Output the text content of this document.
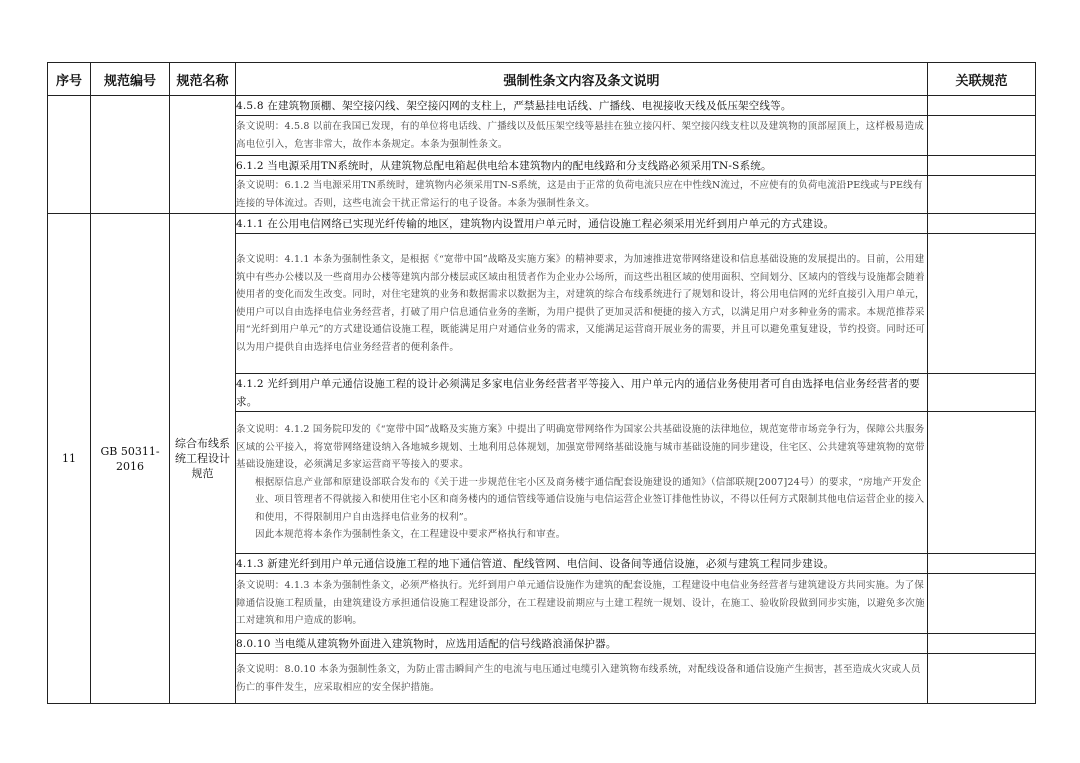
序号	规范编号	规范名称	强制性条文内容及条文说明	关联规范
			4.5.8 在建筑物顶棚、架空接闪线、架空接闪网的支柱上，严禁悬挂电话线、广播线、电视接收天线及低压架空线等。	
			条文说明：4.5.8 以前在我国已发现，有的单位将电话线、广播线以及低压架空线等悬挂在独立接闪杆、架空接闪线支柱以及建筑物的顶部屋顶上，这样极易造成高电位引入，危害非常大，故作本条规定。本条为强制性条文。	
			6.1.2 当电源采用TN系统时，从建筑物总配电箱起供电给本建筑物内的配电线路和分支线路必须采用TN-S系统。	
			条文说明：6.1.2 当电源采用TN系统时，建筑物内必须采用TN-S系统，这是由于正常的负荷电流只应在中性线N流过，不应使有的负荷电流沿PE线或与PE线有连接的导体流过。否则，这些电流会干扰正常运行的电子设备。本条为强制性条文。	
11	GB 50311-2016	综合布线系统工程设计规范	4.1.1 在公用电信网络已实现光纤传输的地区，建筑物内设置用户单元时，通信设施工程必须采用光纤到用户单元的方式建设。	
			条文说明：4.1.1 本条为强制性条文，是根据《“宽带中国”战略及实施方案》的精神要求，为加速推进宽带网络建设和信息基础设施的发展提出的。目前，公用建筑中有些办公楼以及一些商用办公楼等建筑内部分楼层或区域由租赁者作为企业办公场所，而这些出租区域的使用面积、空间划分、区域内的管线与设施都会随着使用者的变化而发生改变。同时，对住宅建筑的业务和数据需求以数据为主，对建筑的综合布线系统进行了规划和设计，将公用电信网的光纤直接引入用户单元，使用户可以自由选择电信业务经营者，打破了用户信息通信业务的垄断，为用户提供了更加灵活和便捷的接入方式，以满足用户对多种业务的需求。本规范推荐采用“光纤到用户单元”的方式建设通信设施工程，既能满足用户对通信业务的需求，又能满足运营商开展业务的需要，并且可以避免重复建设，节约投资。同时还可以为用户提供自由选择电信业务经营者的便利条件。	
			4.1.2 光纤到用户单元通信设施工程的设计必须满足多家电信业务经营者平等接入、用户单元内的通信业务使用者可自由选择电信业务经营者的要求。	
			条文说明：4.1.2 国务院印发的《“宽带中国”战略及实施方案》中提出了明确宽带网络作为国家公共基础设施的法律地位，规范宽带市场竞争行为，保障公共服务区域的公平接入，将宽带网络建设纳入各地城乡规划、土地利用总体规划，加强宽带网络基础设施与城市基础设施的同步建设，住宅区、公共建筑等建筑物的宽带基础设施建设，必须满足多家运营商平等接入的要求。
根据原信息产业部和原建设部联合发布的《关于进一步规范住宅小区及商务楼宇通信配套设施建设的通知》（信部联规[2007]24号）的要求，“房地产开发企业、项目管理者不得就接入和使用住宅小区和商务楼内的通信管线等通信设施与电信运营企业签订排他性协议，不得以任何方式限制其他电信运营企业的接入和使用，不得限制用户自由选择电信业务的权利”。
因此本规范将本条作为强制性条文，在工程建设中要求严格执行和审查。	

			4.1.3 新建光纤到用户单元通信设施工程的地下通信管道、配线管网、电信间、设备间等通信设施，必须与建筑工程同步建设。	
			条文说明：4.1.3 本条为强制性条文，必须严格执行。光纤到用户单元通信设施作为建筑的配套设施，工程建设中电信业务经营者与建筑建设方共同实施。为了保障通信设施工程质量，由建筑建设方承担通信设施工程建设部分，在工程建设前期应与土建工程统一规划、设计，在施工、验收阶段做到同步实施，以避免多次施工对建筑和用户造成的影响。	
			8.0.10 当电缆从建筑物外面进入建筑物时，应选用适配的信号线路浪涌保护器。	
			条文说明：8.0.10 本条为强制性条文，为防止雷击瞬间产生的电流与电压通过电缆引入建筑物布线系统，对配线设备和通信设施产生损害，甚至造成火灾或人员伤亡的事件发生，应采取相应的安全保护措施。	
